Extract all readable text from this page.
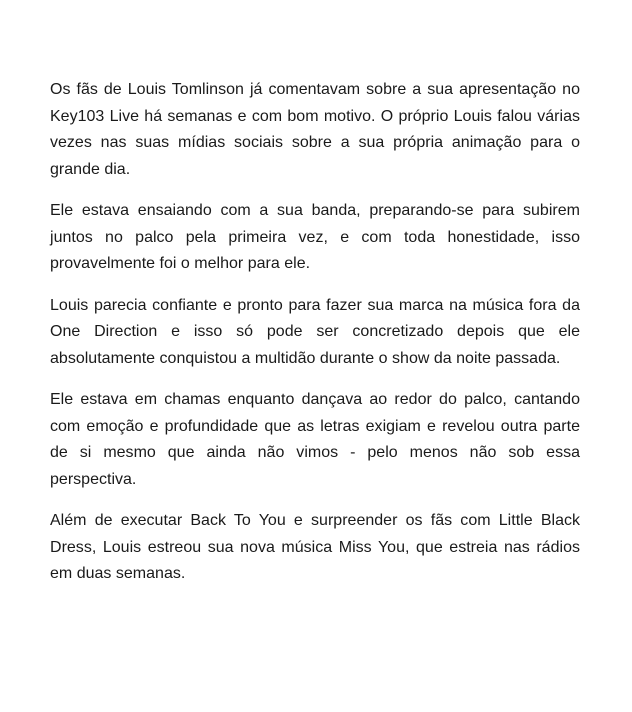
Os fãs de Louis Tomlinson já comentavam sobre a sua apresentação no Key103 Live há semanas e com bom motivo. O próprio Louis falou várias vezes nas suas mídias sociais sobre a sua própria animação para o grande dia.

Ele estava ensaiando com a sua banda, preparando-se para subirem juntos no palco pela primeira vez, e com toda honestidade, isso provavelmente foi o melhor para ele.

Louis parecia confiante e pronto para fazer sua marca na música fora da One Direction e isso só pode ser concretizado depois que ele absolutamente conquistou a multidão durante o show da noite passada.

Ele estava em chamas enquanto dançava ao redor do palco, cantando com emoção e profundidade que as letras exigiam e revelou outra parte de si mesmo que ainda não vimos - pelo menos não sob essa perspectiva.

Além de executar Back To You e surpreender os fãs com Little Black Dress, Louis estreou sua nova música Miss You, que estreia nas rádios em duas semanas.
